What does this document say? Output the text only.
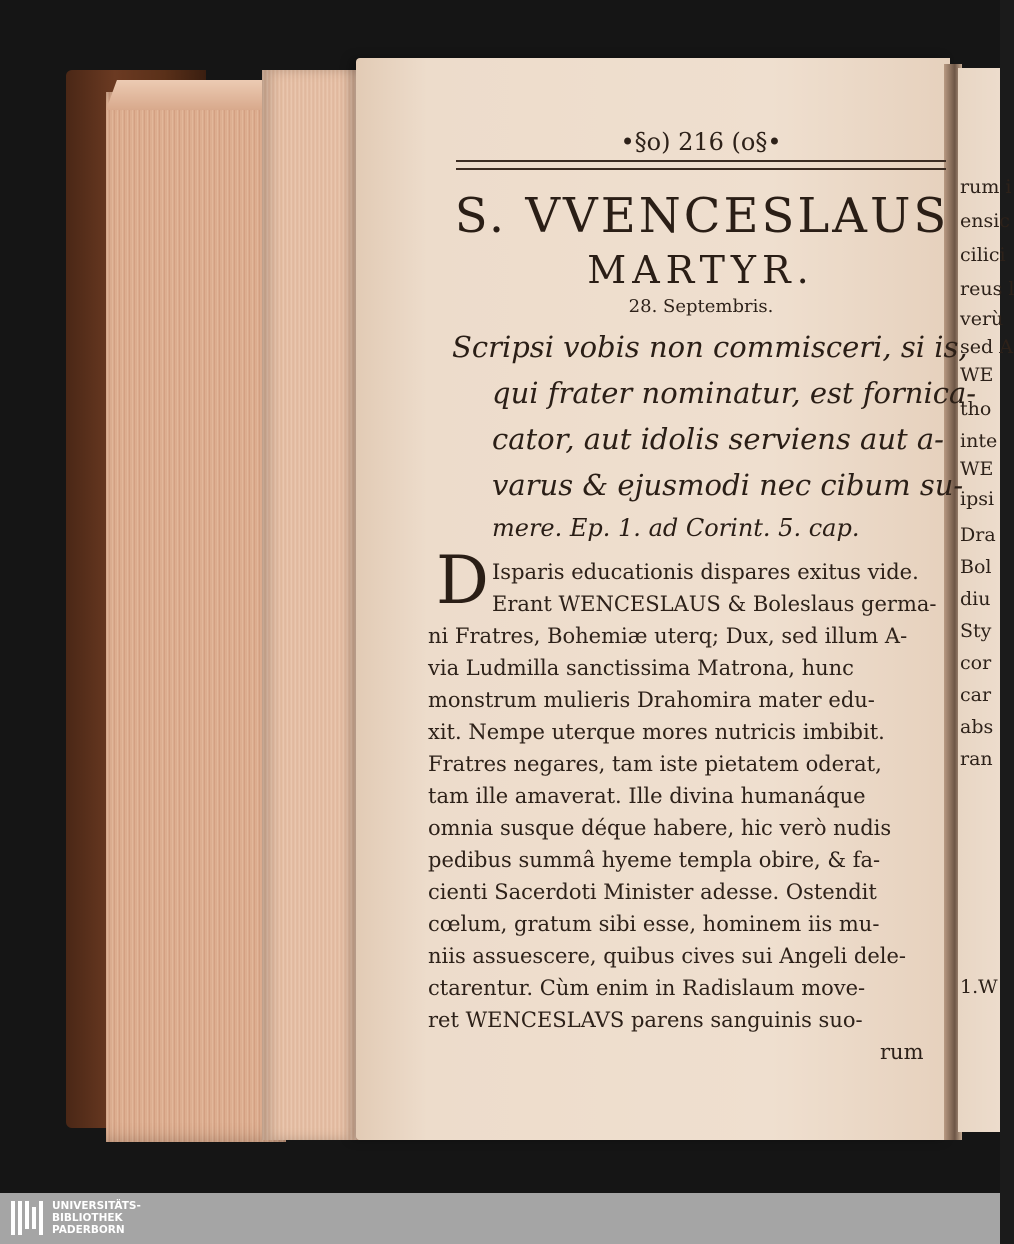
rum i
ensic
cilici
reus l
verù
sed A
WE
tho
inte
WE
ipsi
Dra
Bol
diu
Sty
cor
car
abs
ran
1.W
•§o) 216 (o§•
S. VVENCESLAUS
MARTYR.
28. Septembris.
Scripsi vobis non commisceri, si is,
qui frater nominatur, est fornica-
cator, aut idolis serviens aut a-
varus & ejusmodi nec cibum su-
mere. Ep. 1. ad Corint. 5. cap.
D Isparis educationis dispares exitus vide.
Erant WENCESLAUS & Boleslaus germa-
ni Fratres, Bohemiæ uterq; Dux, sed illum A-
via Ludmilla sanctissima Matrona, hunc
monstrum mulieris Drahomira mater edu-
xit. Nempe uterque mores nutricis imbibit.
Fratres negares, tam iste pietatem oderat,
tam ille amaverat. Ille divina humanáque
omnia susque déque habere, hic verò nudis
pedibus summâ hyeme templa obire, & fa-
cienti Sacerdoti Minister adesse. Ostendit
cœlum, gratum sibi esse, hominem iis mu-
niis assuescere, quibus cives sui Angeli dele-
ctarentur. Cùm enim in Radislaum move-
ret WENCESLAVS parens sanguinis suo-
rum
UNIVERSITÄTS-
BIBLIOTHEK
PADERBORN
